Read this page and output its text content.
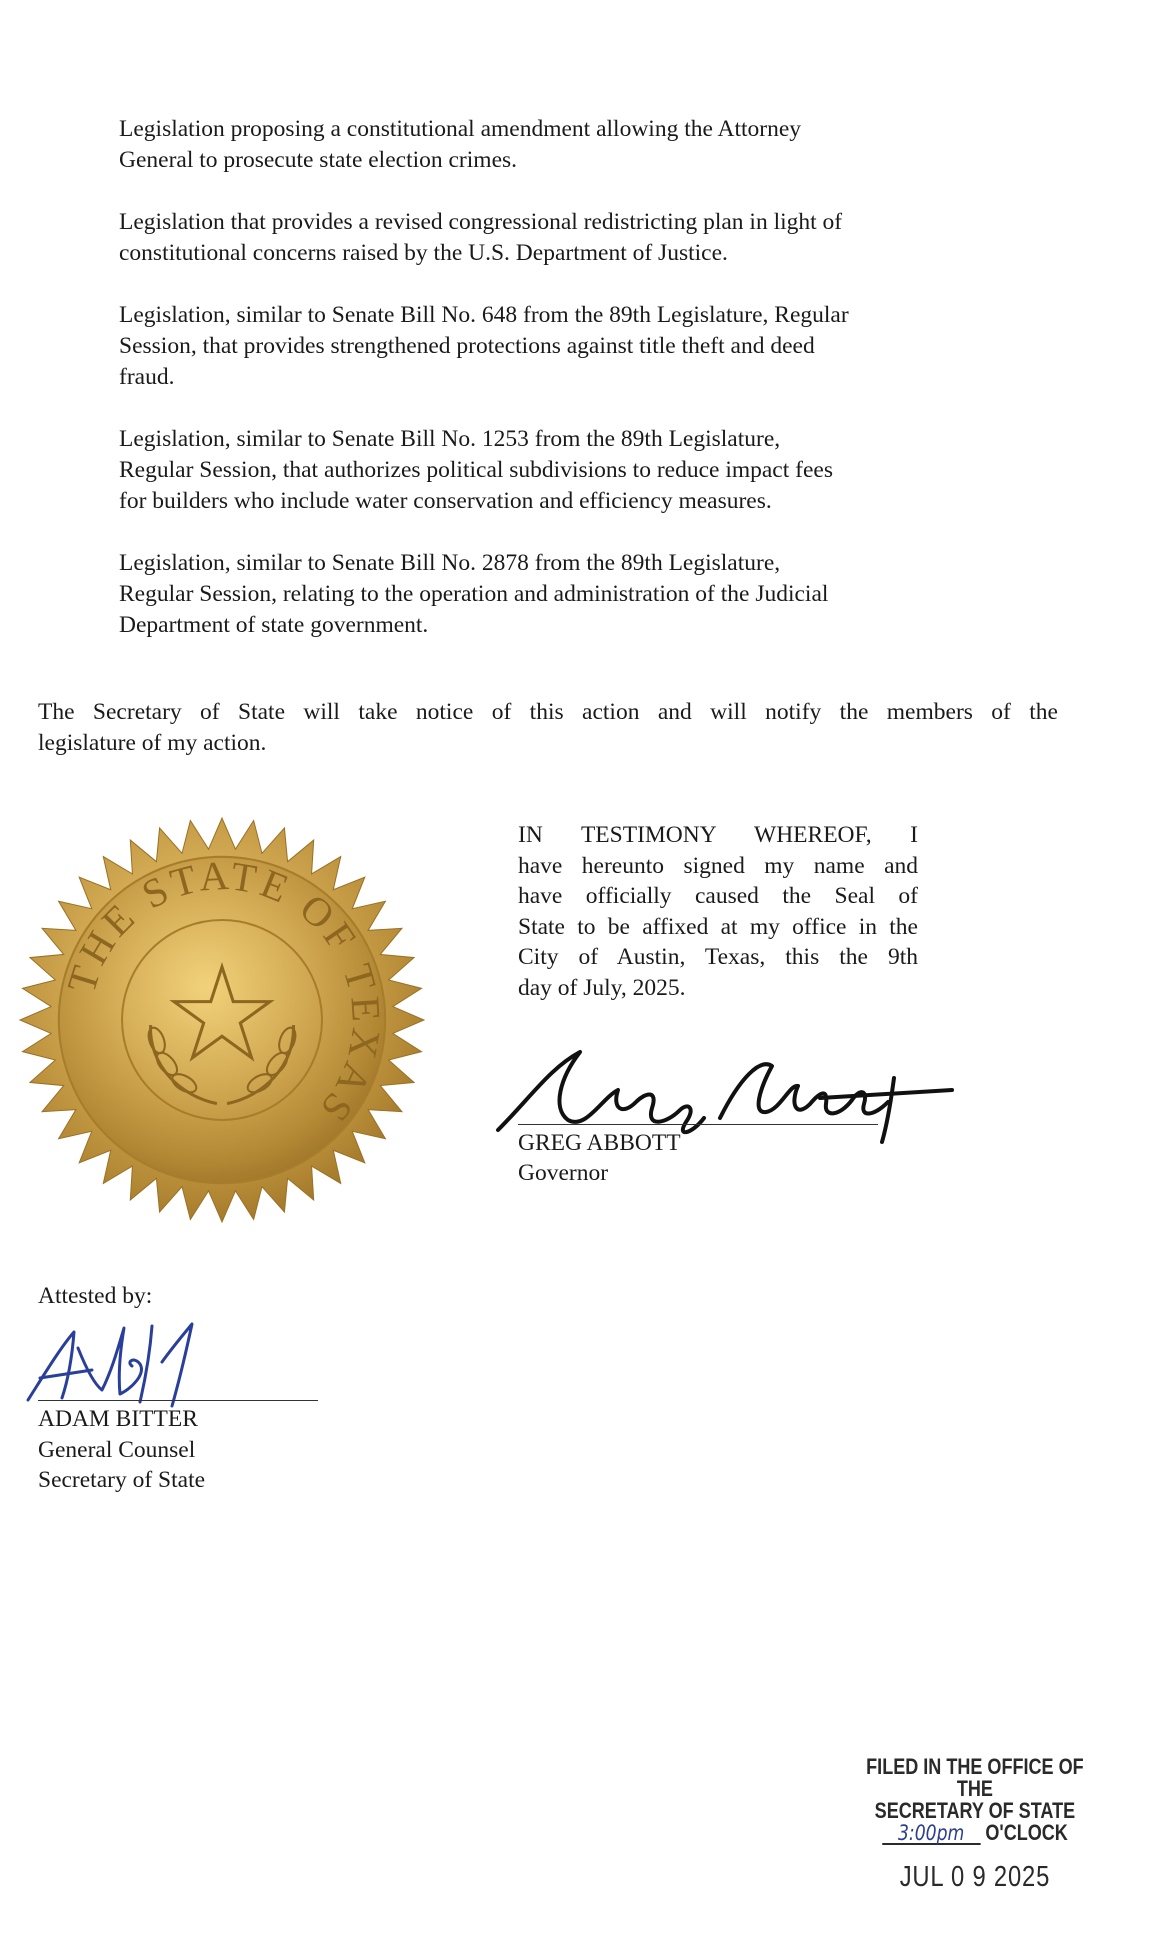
Legislation proposing a constitutional amendment allowing the Attorney
General to prosecute state election crimes.

Legislation that provides a revised congressional redistricting plan in light of
constitutional concerns raised by the U.S. Department of Justice.

Legislation, similar to Senate Bill No. 648 from the 89th Legislature, Regular
Session, that provides strengthened protections against title theft and deed
fraud.

Legislation, similar to Senate Bill No. 1253 from the 89th Legislature,
Regular Session, that authorizes political subdivisions to reduce impact fees
for builders who include water conservation and efficiency measures.

Legislation, similar to Senate Bill No. 2878 from the 89th Legislature,
Regular Session, relating to the operation and administration of the Judicial
Department of state government.

The Secretary of State will take notice of this action and will notify the members of the
legislature of my action.
THE STATE OF TEXAS
IN TESTIMONY WHEREOF, I
have hereunto signed my name and
have officially caused the Seal of
State to be affixed at my office in the
City of Austin, Texas, this the 9th
day of July, 2025.
GREG ABBOTT
Governor
Attested by:
ADAM BITTER
General Counsel
Secretary of State
FILED IN THE OFFICE OF THE
SECRETARY OF STATE
3:00pm O'CLOCK
JUL 0 9 2025
